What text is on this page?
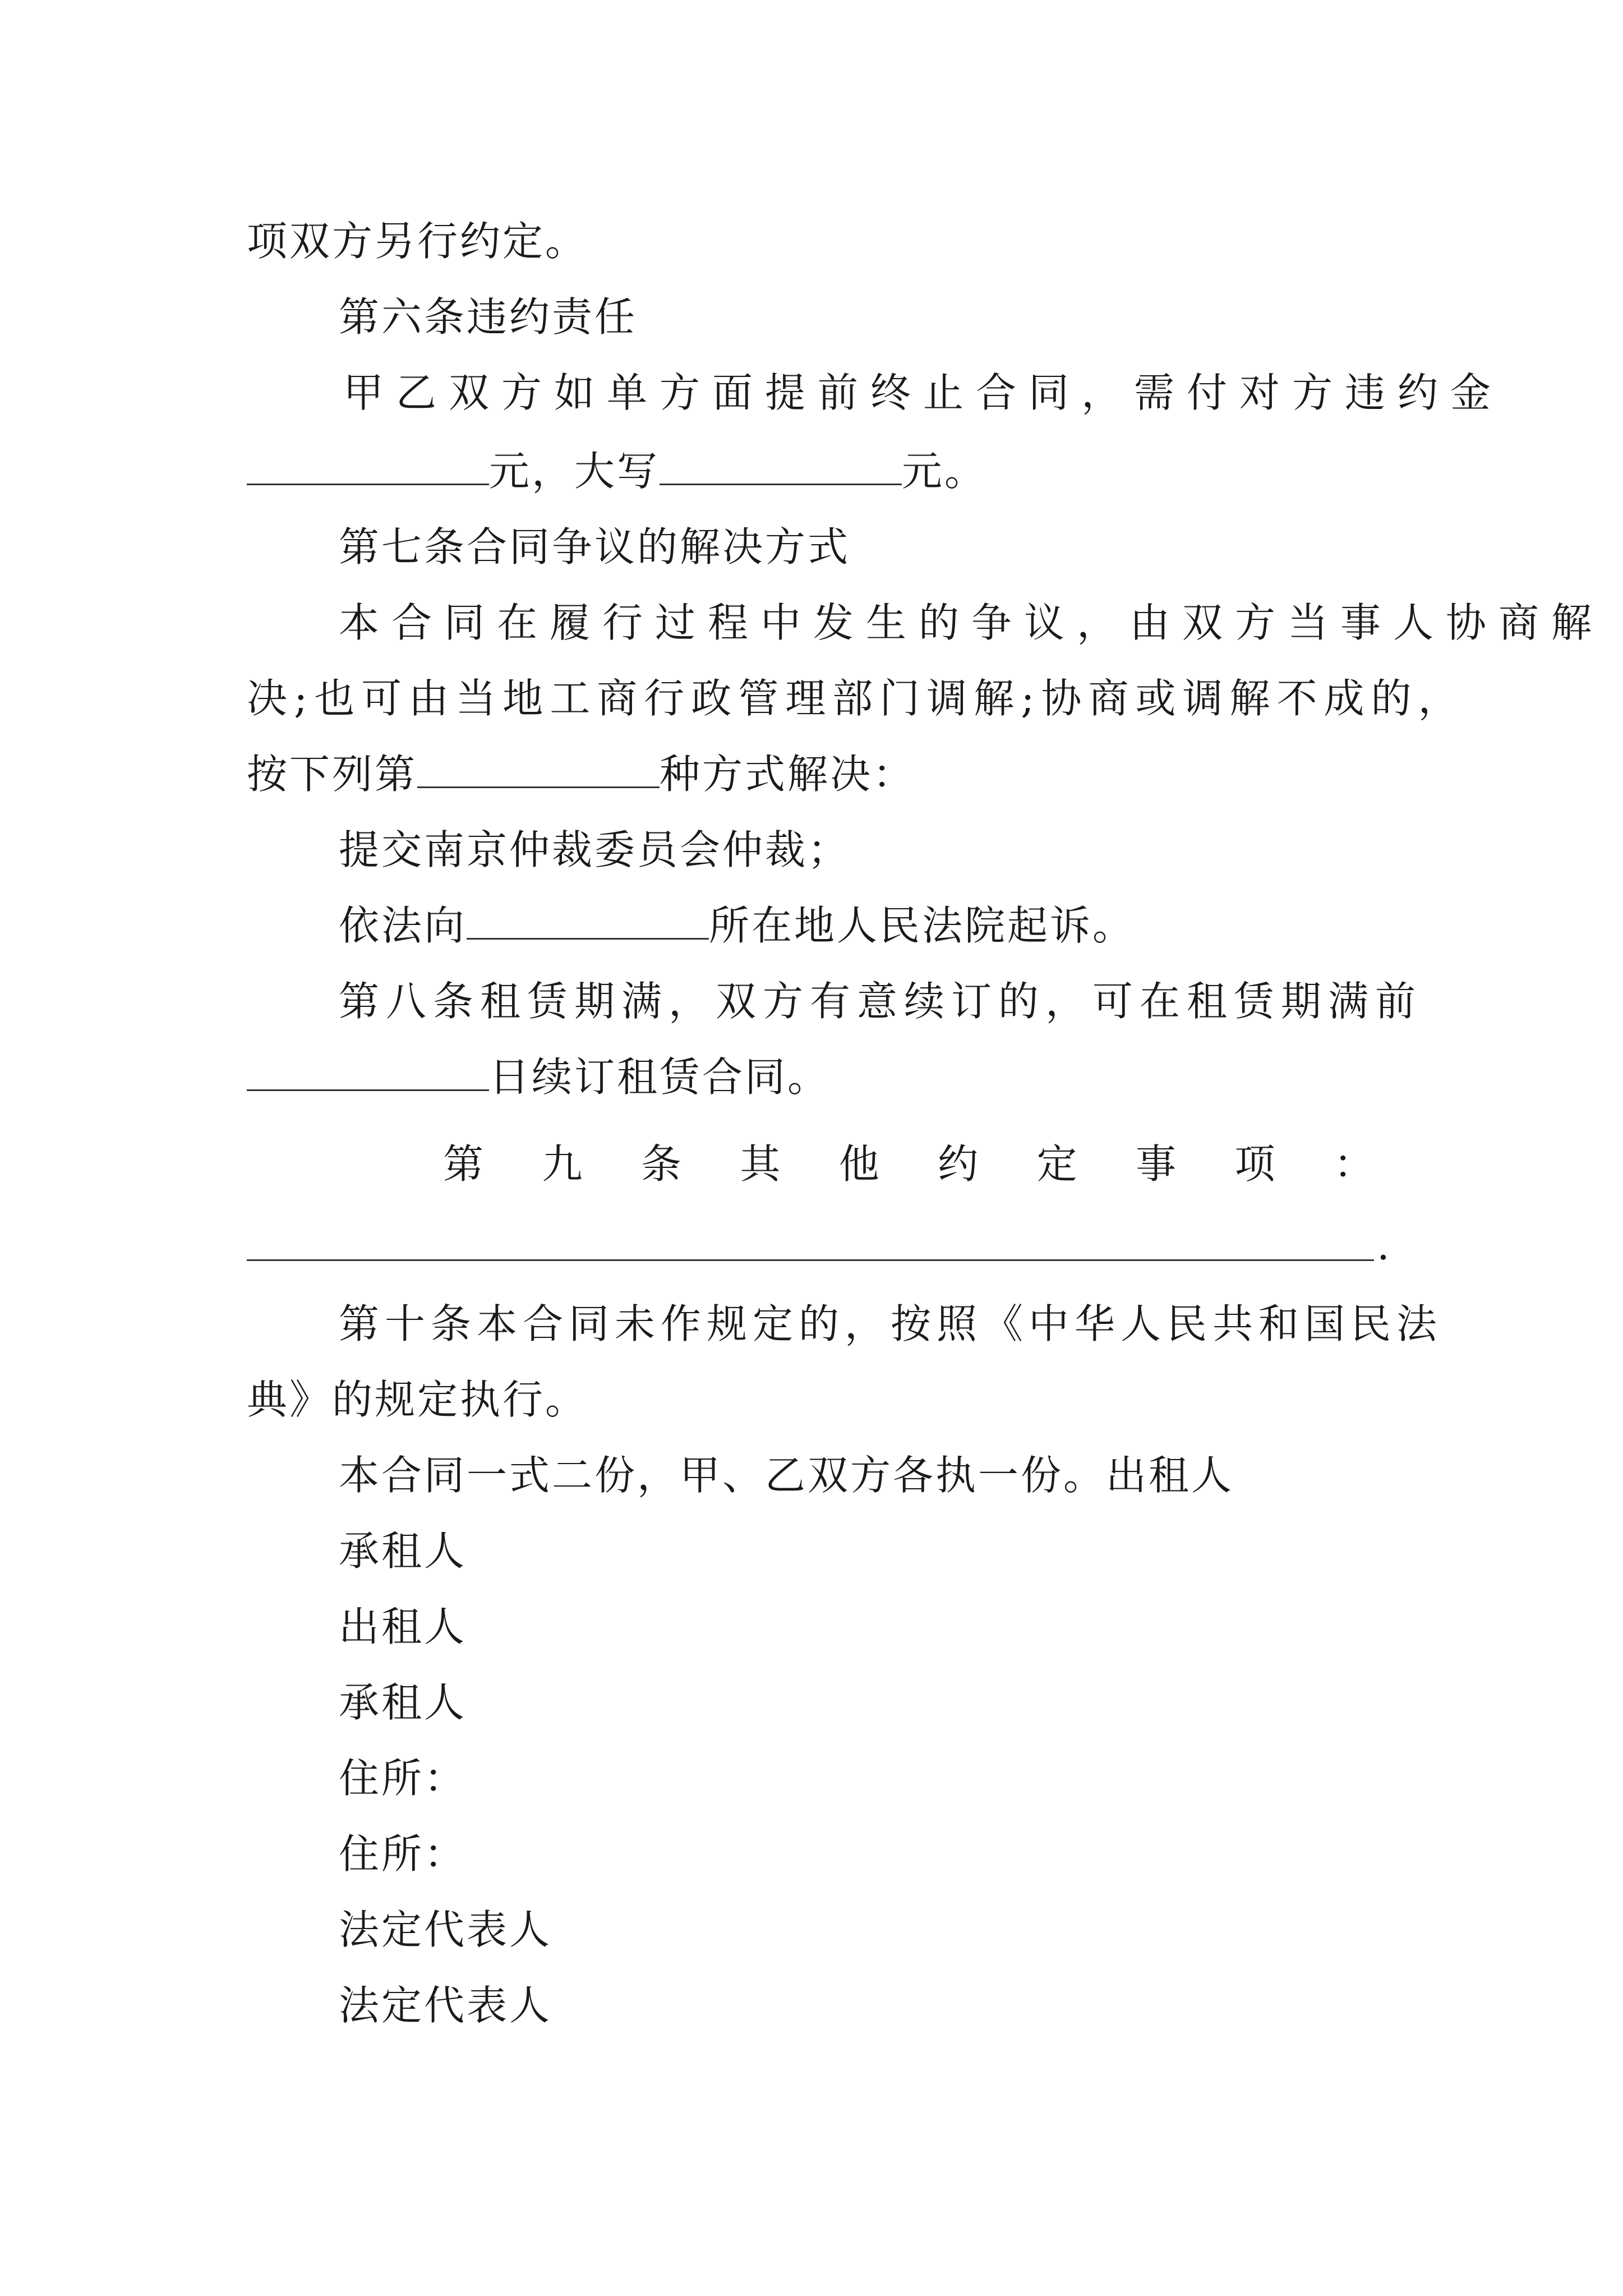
项双方另行约定。
第六条违约责任
甲乙双方如单方面提前终止合同，需付对方违约金
元，大写	元。
第七条合同争议的解决方式
本合同在履行过程中发生的争议，由双方当事人协商解
决;也可由当地工商行政管理部门调解;协商或调解不成的，
按下列第	种方式解决：
提交南京仲裁委员会仲裁；
依法向	所在地人民法院起诉。
第八条租赁期满，双方有意续订的，可在租赁期满前
日续订租赁合同。
第 九 条 其 他 约 定 事 项 ：
.
第十条本合同未作规定的，按照《中华人民共和国民法
典》的规定执行。
本合同一式二份，甲、乙双方各执一份。出租人
承租人
出租人
承租人
住所：
住所：
法定代表人
法定代表人
